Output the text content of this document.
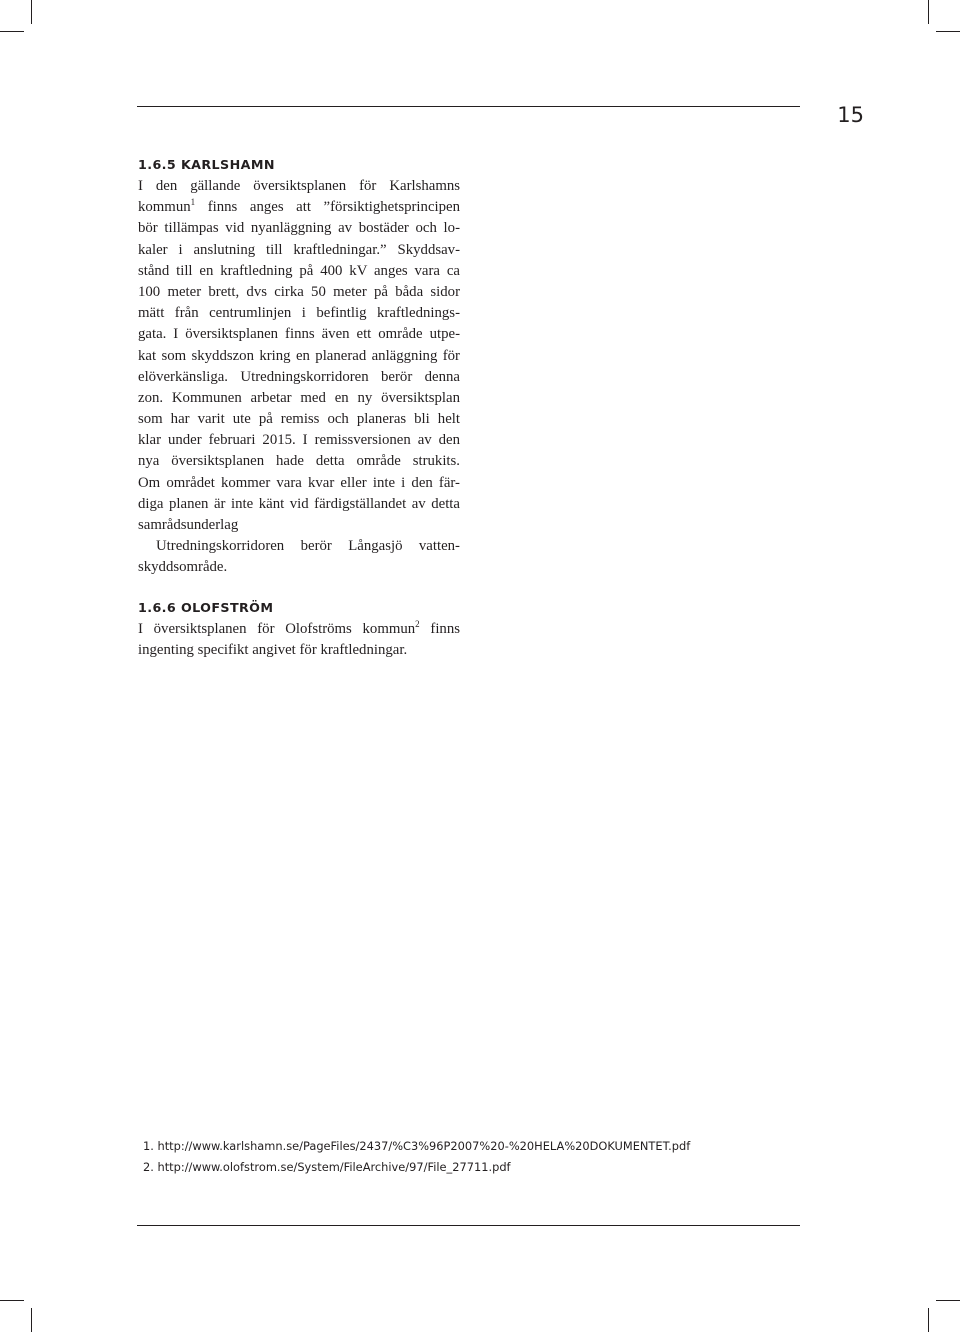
15
1.6.5 KARLSHAMN
I den gällande översiktsplanen för Karlshamns
kommun$^1$ finns anges att ”försiktighetsprincipen
bör tillämpas vid nyanläggning av bostäder och lo-
kaler i anslutning till kraftledningar.” Skyddsav-
stånd till en kraftledning på 400 kV anges vara ca
100 meter brett, dvs cirka 50 meter på båda sidor
mätt från centrumlinjen i befintlig kraftlednings-
gata. I översiktsplanen finns även ett område utpe-
kat som skyddszon kring en planerad anläggning för
elöverkänsliga. Utredningskorridoren berör denna
zon. Kommunen arbetar med en ny översiktsplan
som har varit ute på remiss och planeras bli helt
klar under februari 2015. I remissversionen av den
nya översiktsplanen hade detta område strukits.
Om området kommer vara kvar eller inte i den fär-
diga planen är inte känt vid färdigställandet av detta
samrådsunderlag
Utredningskorridoren berör Långasjö vatten-
skyddsområde.
1.6.6 OLOFSTRÖM
I översiktsplanen för Olofströms kommun$^2$ finns
ingenting specifikt angivet för kraftledningar.
1. http://www.karlshamn.se/PageFiles/2437/%C3%96P2007%20-%20HELA%20DOKUMENTET.pdf
2. http://www.olofstrom.se/System/FileArchive/97/File_27711.pdf
